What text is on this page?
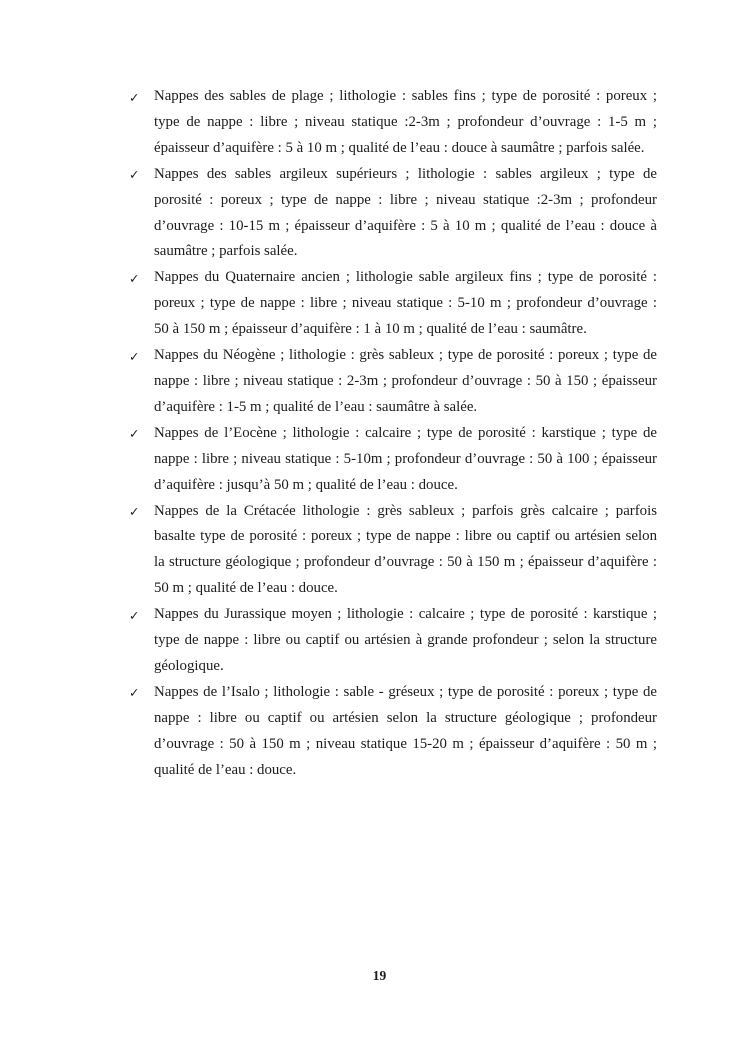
✓ Nappes des sables de plage ; lithologie : sables fins ; type de porosité : poreux ;
type de nappe : libre ; niveau statique :2-3m ; profondeur d’ouvrage : 1-5 m ;
épaisseur d’aquifère : 5 à 10 m ; qualité de l’eau : douce à saumâtre ; parfois salée.
✓ Nappes des sables argileux supérieurs ; lithologie : sables argileux ; type de
porosité : poreux ; type de nappe : libre ; niveau statique :2-3m ; profondeur
d’ouvrage : 10-15 m ; épaisseur d’aquifère : 5 à 10 m ; qualité de l’eau : douce à
saumâtre ; parfois salée.
✓ Nappes du Quaternaire ancien ; lithologie sable argileux fins ; type de porosité :
poreux ; type de nappe : libre ; niveau statique : 5-10 m ; profondeur d’ouvrage :
50 à 150 m ; épaisseur d’aquifère : 1 à 10 m ; qualité de l’eau : saumâtre.
✓ Nappes du Néogène ; lithologie : grès sableux ; type de porosité : poreux ; type de
nappe : libre ; niveau statique : 2-3m ; profondeur d’ouvrage : 50 à 150 ; épaisseur
d’aquifère : 1-5 m ; qualité de l’eau : saumâtre à salée.
✓ Nappes de l’Eocène ; lithologie : calcaire ; type de porosité : karstique ; type de
nappe : libre ; niveau statique : 5-10m ; profondeur d’ouvrage : 50 à 100 ; épaisseur
d’aquifère : jusqu’à 50 m ; qualité de l’eau : douce.
✓ Nappes de la Crétacée lithologie : grès sableux ; parfois grès calcaire ; parfois
basalte type de porosité : poreux ; type de nappe : libre ou captif ou artésien selon
la structure géologique ; profondeur d’ouvrage : 50 à 150 m ; épaisseur d’aquifère :
50 m ; qualité de l’eau : douce.
✓ Nappes du Jurassique moyen ; lithologie : calcaire ; type de porosité : karstique ;
type de nappe : libre ou captif ou artésien à grande profondeur ; selon la structure
géologique.
✓ Nappes de l’Isalo ; lithologie : sable - gréseux ; type de porosité : poreux ; type de
nappe : libre ou captif ou artésien selon la structure géologique ; profondeur
d’ouvrage : 50 à 150 m ; niveau statique 15-20 m ; épaisseur d’aquifère : 50 m ;
qualité de l’eau : douce.
19
